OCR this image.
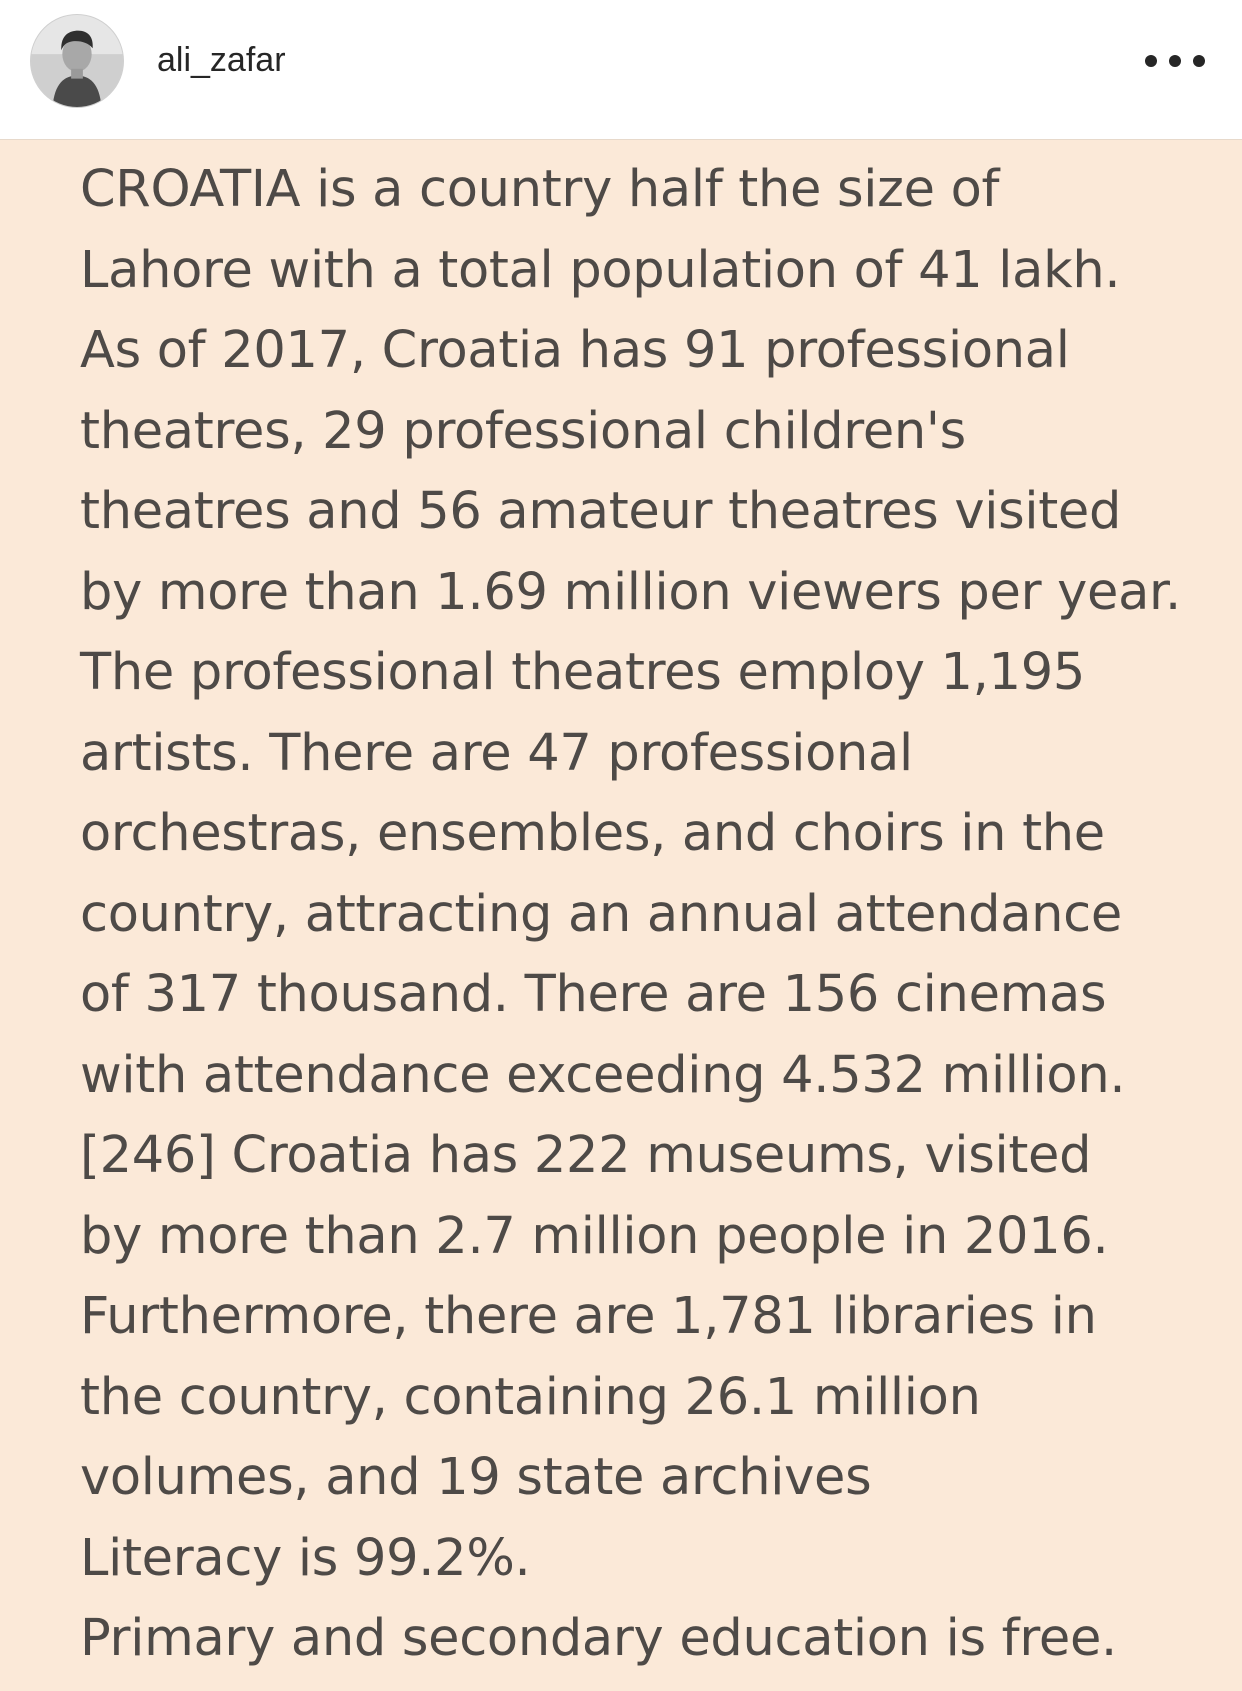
ali_zafar
CROATIA is a country half the size of
Lahore with a total population of 41 lakh.
As of 2017, Croatia has 91 professional
theatres, 29 professional children's
theatres and 56 amateur theatres visited
by more than 1.69 million viewers per year.
The professional theatres employ 1,195
artists. There are 47 professional
orchestras, ensembles, and choirs in the
country, attracting an annual attendance
of 317 thousand. There are 156 cinemas
with attendance exceeding 4.532 million.
[246] Croatia has 222 museums, visited
by more than 2.7 million people in 2016.
Furthermore, there are 1,781 libraries in
the country, containing 26.1 million
volumes, and 19 state archives
Literacy is 99.2%.
Primary and secondary education is free.
